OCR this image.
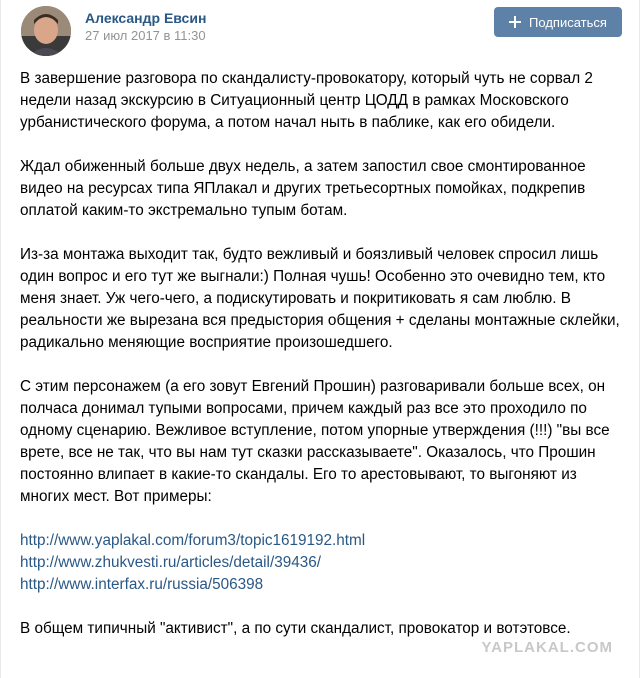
Александр Евсин
27 июл 2017 в 11:30
Подписаться

В завершение разговора по скандалисту-провокатору, который чуть не сорвал 2 недели назад экскурсию в Ситуационный центр ЦОДД в рамках Московского урбанистического форума, а потом начал ныть в паблике, как его обидели.

Ждал обиженный больше двух недель, а затем запостил свое смонтированное видео на ресурсах типа ЯПлакал и других третьесортных помойках, подкрепив оплатой каким-то экстремально тупым ботам.

Из-за монтажа выходит так, будто вежливый и боязливый человек спросил лишь один вопрос и его тут же выгнали:) Полная чушь! Особенно это очевидно тем, кто меня знает. Уж чего-чего, а подискутировать и покритиковать я сам люблю. В реальности же вырезана вся предыстория общения + сделаны монтажные склейки, радикально меняющие восприятие произошедшего.

С этим персонажем (а его зовут Евгений Прошин) разговаривали больше всех, он полчаса донимал тупыми вопросами, причем каждый раз все это проходило по одному сценарию. Вежливое вступление, потом упорные утверждения (!!!) "вы все врете, все не так, что вы нам тут сказки рассказываете". Оказалось, что Прошин постоянно влипает в какие-то скандалы. Его то арестовывают, то выгоняют из многих мест. Вот примеры:

http://www.yaplakal.com/forum3/topic1619192.html
http://www.zhukvesti.ru/articles/detail/39436/
http://www.interfax.ru/russia/506398

В общем типичный "активист", а по сути скандалист, провокатор и вотэтовсе.

YAPLAKAL.COM
